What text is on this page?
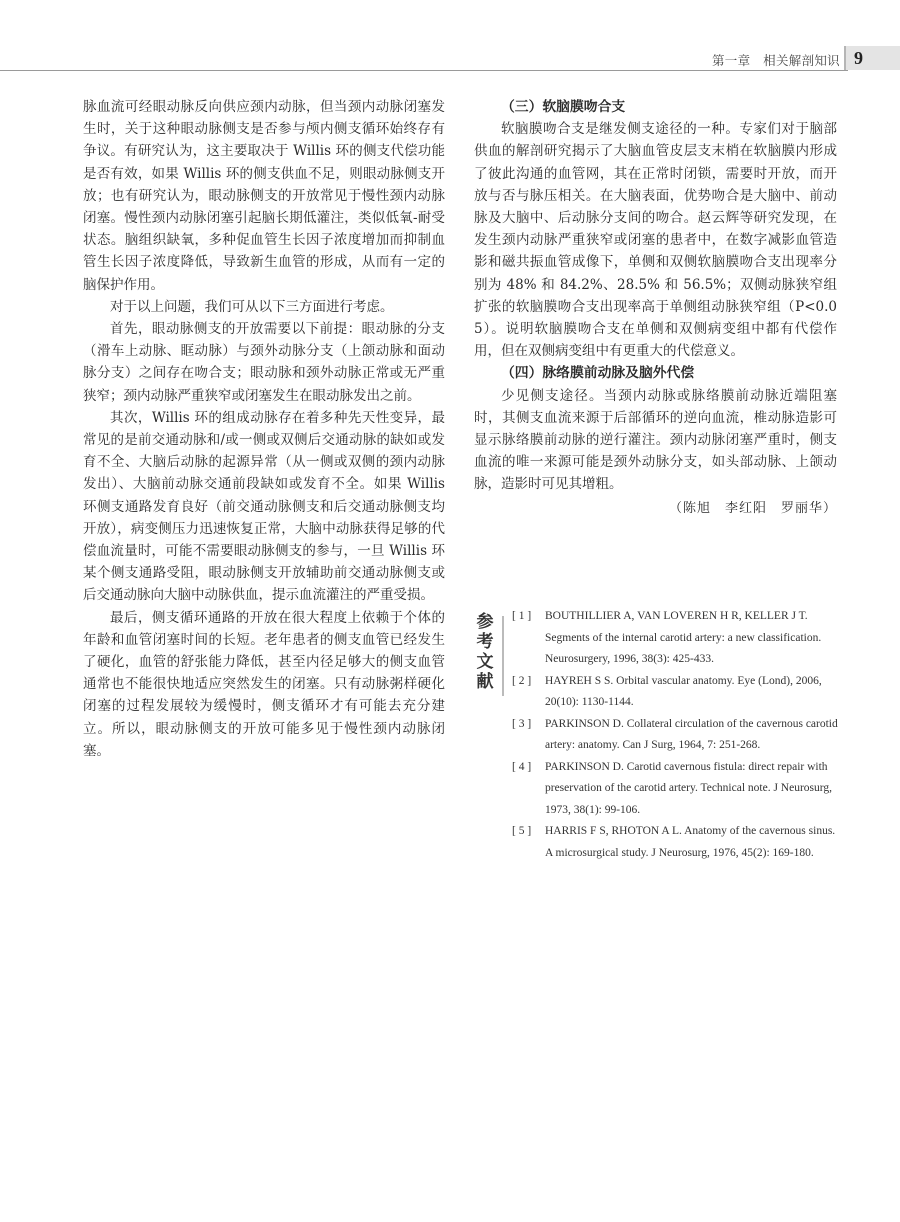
第一章　相关解剖知识 9

脉血流可经眼动脉反向供应颈内动脉，但当颈内动脉闭塞发生时，关于这种眼动脉侧支是否参与颅内侧支循环始终存有争议。有研究认为，这主要取决于 Willis 环的侧支代偿功能是否有效，如果 Willis 环的侧支供血不足，则眼动脉侧支开放；也有研究认为，眼动脉侧支的开放常见于慢性颈内动脉闭塞。慢性颈内动脉闭塞引起脑长期低灌注，类似低氧-耐受状态。脑组织缺氧，多种促血管生长因子浓度增加而抑制血管生长因子浓度降低，导致新生血管的形成，从而有一定的脑保护作用。

对于以上问题，我们可从以下三方面进行考虑。

首先，眼动脉侧支的开放需要以下前提：眼动脉的分支（滑车上动脉、眶动脉）与颈外动脉分支（上颌动脉和面动脉分支）之间存在吻合支；眼动脉和颈外动脉正常或无严重狭窄；颈内动脉严重狭窄或闭塞发生在眼动脉发出之前。

其次，Willis 环的组成动脉存在着多种先天性变异，最常见的是前交通动脉和/或一侧或双侧后交通动脉的缺如或发育不全、大脑后动脉的起源异常（从一侧或双侧的颈内动脉发出）、大脑前动脉交通前段缺如或发育不全。如果 Willis 环侧支通路发育良好（前交通动脉侧支和后交通动脉侧支均开放），病变侧压力迅速恢复正常，大脑中动脉获得足够的代偿血流量时，可能不需要眼动脉侧支的参与，一旦 Willis 环某个侧支通路受阻，眼动脉侧支开放辅助前交通动脉侧支或后交通动脉向大脑中动脉供血，提示血流灌注的严重受损。

最后，侧支循环通路的开放在很大程度上依赖于个体的年龄和血管闭塞时间的长短。老年患者的侧支血管已经发生了硬化，血管的舒张能力降低，甚至内径足够大的侧支血管通常也不能很快地适应突然发生的闭塞。只有动脉粥样硬化闭塞的过程发展较为缓慢时，侧支循环才有可能去充分建立。所以，眼动脉侧支的开放可能多见于慢性颈内动脉闭塞。

（三）软脑膜吻合支

软脑膜吻合支是继发侧支途径的一种。专家们对于脑部供血的解剖研究揭示了大脑血管皮层支末梢在软脑膜内形成了彼此沟通的血管网，其在正常时闭锁，需要时开放，而开放与否与脉压相关。在大脑表面，优势吻合是大脑中、前动脉及大脑中、后动脉分支间的吻合。赵云辉等研究发现，在发生颈内动脉严重狭窄或闭塞的患者中，在数字减影血管造影和磁共振血管成像下，单侧和双侧软脑膜吻合支出现率分别为 48% 和 84.2%、28.5% 和 56.5%；双侧动脉狭窄组扩张的软脑膜吻合支出现率高于单侧组动脉狭窄组（P<0.05）。说明软脑膜吻合支在单侧和双侧病变组中都有代偿作用，但在双侧病变组中有更重大的代偿意义。

（四）脉络膜前动脉及脑外代偿

少见侧支途径。当颈内动脉或脉络膜前动脉近端阻塞时，其侧支血流来源于后部循环的逆向血流，椎动脉造影可显示脉络膜前动脉的逆行灌注。颈内动脉闭塞严重时，侧支血流的唯一来源可能是颈外动脉分支，如头部动脉、上颌动脉，造影时可见其增粗。

（陈旭　李红阳　罗丽华）
参考文献
[ 1 ] BOUTHILLIER A, VAN LOVEREN H R, KELLER J T. Segments of the internal carotid artery: a new classification. Neurosurgery, 1996, 38(3): 425-433.
[ 2 ] HAYREH S S. Orbital vascular anatomy. Eye (Lond), 2006, 20(10): 1130-1144.
[ 3 ] PARKINSON D. Collateral circulation of the cavernous carotid artery: anatomy. Can J Surg, 1964, 7: 251-268.
[ 4 ] PARKINSON D. Carotid cavernous fistula: direct repair with preservation of the carotid artery. Technical note. J Neurosurg, 1973, 38(1): 99-106.
[ 5 ] HARRIS F S, RHOTON A L. Anatomy of the cavernous sinus. A microsurgical study. J Neurosurg, 1976, 45(2): 169-180.
